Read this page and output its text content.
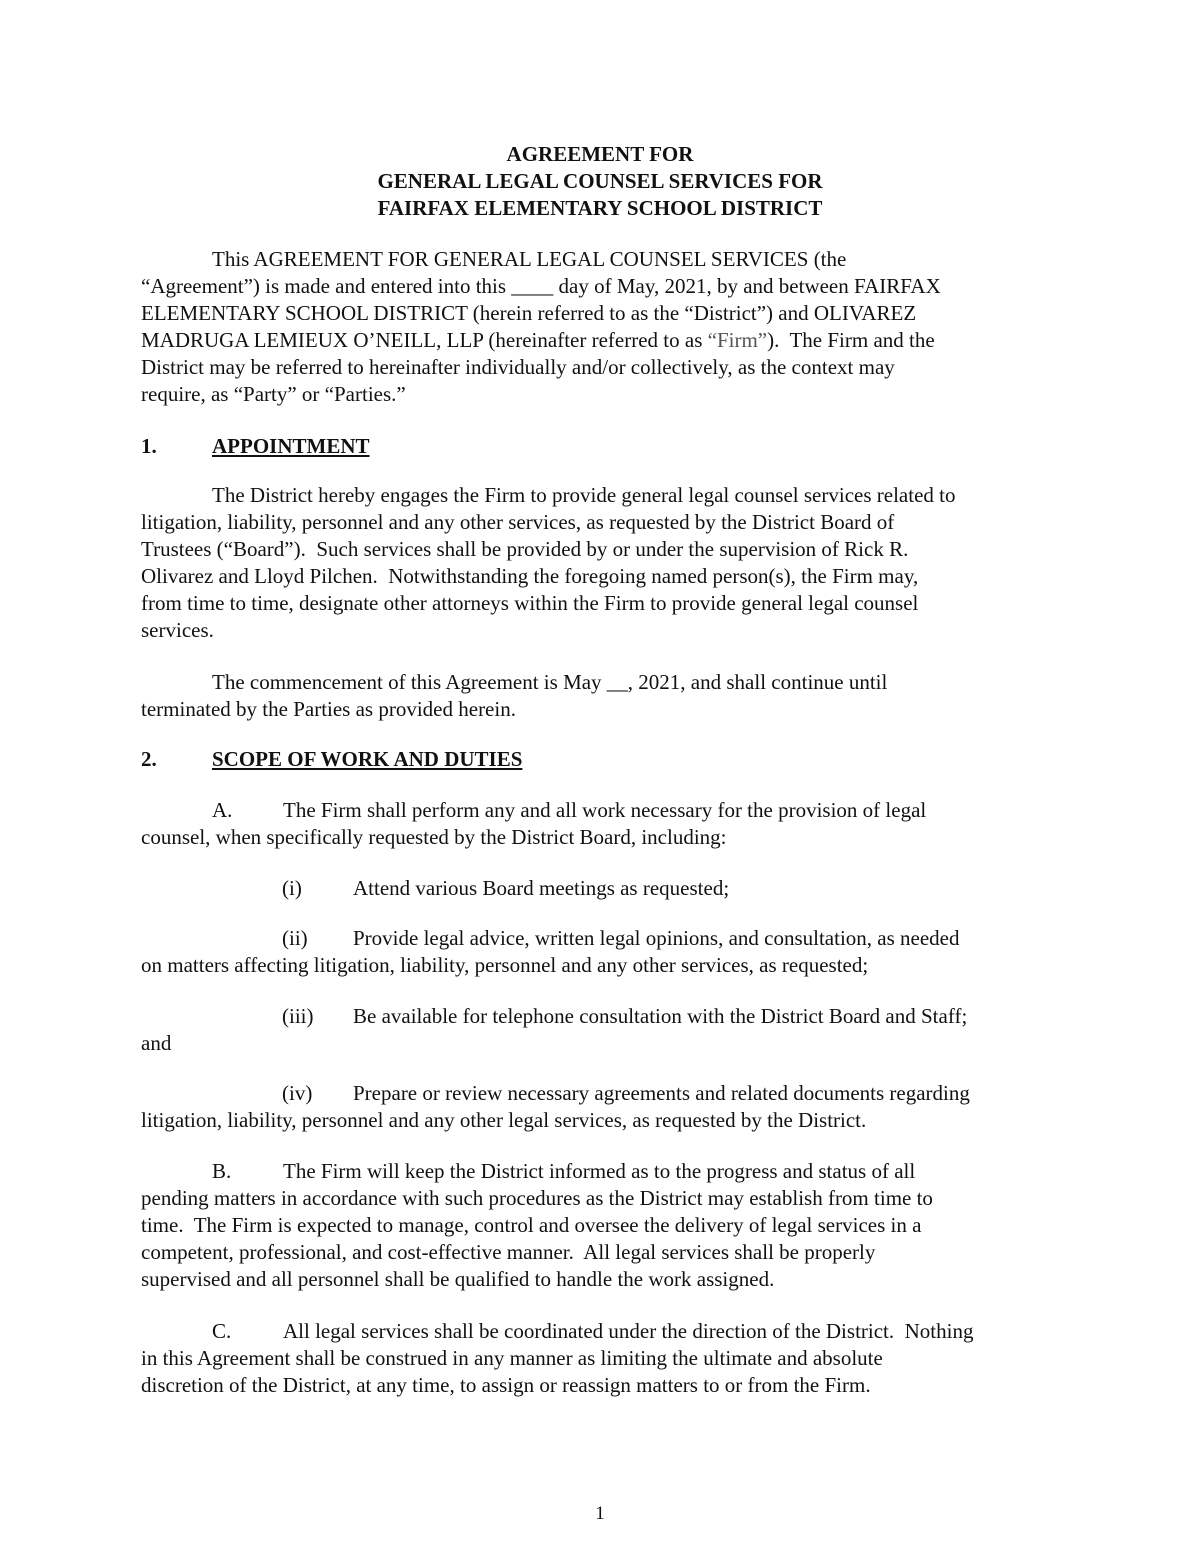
AGREEMENT FOR
GENERAL LEGAL COUNSEL SERVICES FOR
FAIRFAX ELEMENTARY SCHOOL DISTRICT
This AGREEMENT FOR GENERAL LEGAL COUNSEL SERVICES (the
“Agreement”) is made and entered into this ____ day of May, 2021, by and between FAIRFAX
ELEMENTARY SCHOOL DISTRICT (herein referred to as the “District”) and OLIVAREZ
MADRUGA LEMIEUX O’NEILL, LLP (hereinafter referred to as “Firm”).  The Firm and the
District may be referred to hereinafter individually and/or collectively, as the context may
require, as “Party” or “Parties.”
1.	APPOINTMENT
The District hereby engages the Firm to provide general legal counsel services related to
litigation, liability, personnel and any other services, as requested by the District Board of
Trustees (“Board”).  Such services shall be provided by or under the supervision of Rick R.
Olivarez and Lloyd Pilchen.  Notwithstanding the foregoing named person(s), the Firm may,
from time to time, designate other attorneys within the Firm to provide general legal counsel
services.
The commencement of this Agreement is May __, 2021, and shall continue until
terminated by the Parties as provided herein.
2.	SCOPE OF WORK AND DUTIES
A. The Firm shall perform any and all work necessary for the provision of legal
counsel, when specifically requested by the District Board, including:
(i) Attend various Board meetings as requested;
(ii) Provide legal advice, written legal opinions, and consultation, as needed
on matters affecting litigation, liability, personnel and any other services, as requested;
(iii) Be available for telephone consultation with the District Board and Staff;
and
(iv) Prepare or review necessary agreements and related documents regarding
litigation, liability, personnel and any other legal services, as requested by the District.
B. The Firm will keep the District informed as to the progress and status of all
pending matters in accordance with such procedures as the District may establish from time to
time.  The Firm is expected to manage, control and oversee the delivery of legal services in a
competent, professional, and cost-effective manner.  All legal services shall be properly
supervised and all personnel shall be qualified to handle the work assigned.
C. All legal services shall be coordinated under the direction of the District.  Nothing
in this Agreement shall be construed in any manner as limiting the ultimate and absolute
discretion of the District, at any time, to assign or reassign matters to or from the Firm.
1
